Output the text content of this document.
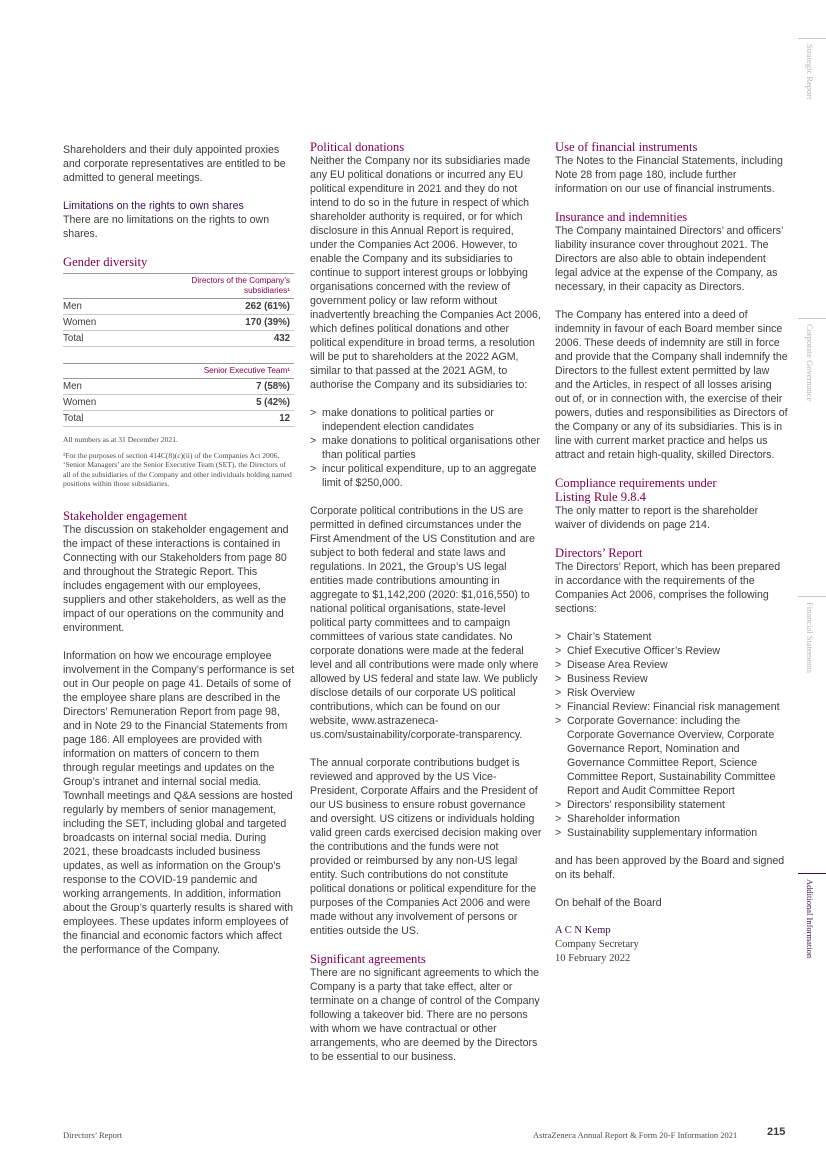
Shareholders and their duly appointed proxies and corporate representatives are entitled to be admitted to general meetings.

Limitations on the rights to own shares

There are no limitations on the rights to own shares.

Gender diversity
	Directors of the Company’s subsidiaries¹
Men	262 (61%)
Women	170 (39%)
Total	432
	Senior Executive Team¹
Men	7 (58%)
Women	5 (42%)
Total	12
All numbers as at 31 December 2021.
¹For the purposes of section 414C(8)(c)(ii) of the Companies Act 2006, ‘Senior Managers’ are the Senior Executive Team (SET), the Directors of all of the subsidiaries of the Company and other individuals holding named positions within those subsidiaries.
Stakeholder engagement

The discussion on stakeholder engagement and the impact of these interactions is contained in Connecting with our Stakeholders from page 80 and throughout the Strategic Report. This includes engagement with our employees, suppliers and other stakeholders, as well as the impact of our operations on the community and environment.

Information on how we encourage employee involvement in the Company’s performance is set out in Our people on page 41. Details of some of the employee share plans are described in the Directors’ Remuneration Report from page 98, and in Note 29 to the Financial Statements from page 186. All employees are provided with information on matters of concern to them through regular meetings and updates on the Group’s intranet and internal social media. Townhall meetings and Q&A sessions are hosted regularly by members of senior management, including the SET, including global and targeted broadcasts on internal social media. During 2021, these broadcasts included business updates, as well as information on the Group’s response to the COVID-19 pandemic and working arrangements. In addition, information about the Group’s quarterly results is shared with employees. These updates inform employees of the financial and economic factors which affect the performance of the Company.

Political donations

Neither the Company nor its subsidiaries made any EU political donations or incurred any EU political expenditure in 2021 and they do not intend to do so in the future in respect of which shareholder authority is required, or for which disclosure in this Annual Report is required, under the Companies Act 2006. However, to enable the Company and its subsidiaries to continue to support interest groups or lobbying organisations concerned with the review of government policy or law reform without inadvertently breaching the Companies Act 2006, which defines political donations and other political expenditure in broad terms, a resolution will be put to shareholders at the 2022 AGM, similar to that passed at the 2021 AGM, to authorise the Company and its subsidiaries to:

> make donations to political parties or independent election candidates
> make donations to political organisations other than political parties
> incur political expenditure, up to an aggregate limit of $250,000.

Corporate political contributions in the US are permitted in defined circumstances under the First Amendment of the US Constitution and are subject to both federal and state laws and regulations. In 2021, the Group’s US legal entities made contributions amounting in aggregate to $1,142,200 (2020: $1,016,550) to national political organisations, state-level political party committees and to campaign committees of various state candidates. No corporate donations were made at the federal level and all contributions were made only where allowed by US federal and state law. We publicly disclose details of our corporate US political contributions, which can be found on our website, www.astrazeneca-us.com/sustainability/corporate-transparency.

The annual corporate contributions budget is reviewed and approved by the US Vice-President, Corporate Affairs and the President of our US business to ensure robust governance and oversight. US citizens or individuals holding valid green cards exercised decision making over the contributions and the funds were not provided or reimbursed by any non-US legal entity. Such contributions do not constitute political donations or political expenditure for the purposes of the Companies Act 2006 and were made without any involvement of persons or entities outside the US.

Significant agreements

There are no significant agreements to which the Company is a party that take effect, alter or terminate on a change of control of the Company following a takeover bid. There are no persons with whom we have contractual or other arrangements, who are deemed by the Directors to be essential to our business.

Use of financial instruments

The Notes to the Financial Statements, including Note 28 from page 180, include further information on our use of financial instruments.

Insurance and indemnities

The Company maintained Directors’ and officers’ liability insurance cover throughout 2021. The Directors are also able to obtain independent legal advice at the expense of the Company, as necessary, in their capacity as Directors.

The Company has entered into a deed of indemnity in favour of each Board member since 2006. These deeds of indemnity are still in force and provide that the Company shall indemnify the Directors to the fullest extent permitted by law and the Articles, in respect of all losses arising out of, or in connection with, the exercise of their powers, duties and responsibilities as Directors of the Company or any of its subsidiaries. This is in line with current market practice and helps us attract and retain high-quality, skilled Directors.

Compliance requirements under Listing Rule 9.8.4

The only matter to report is the shareholder waiver of dividends on page 214.

Directors’ Report

The Directors’ Report, which has been prepared in accordance with the requirements of the Companies Act 2006, comprises the following sections:

> Chair’s Statement
> Chief Executive Officer’s Review
> Disease Area Review
> Business Review
> Risk Overview
> Financial Review: Financial risk management
> Corporate Governance: including the Corporate Governance Overview, Corporate Governance Report, Nomination and Governance Committee Report, Science Committee Report, Sustainability Committee Report and Audit Committee Report
> Directors’ responsibility statement
> Shareholder information
> Sustainability supplementary information

and has been approved by the Board and signed on its behalf.

On behalf of the Board

A C N Kemp
Company Secretary
10 February 2022
Strategic Report
Corporate Governance
Financial Statements
Additional Information
Directors’ Report	AstraZeneca Annual Report & Form 20-F Information 2021	215
